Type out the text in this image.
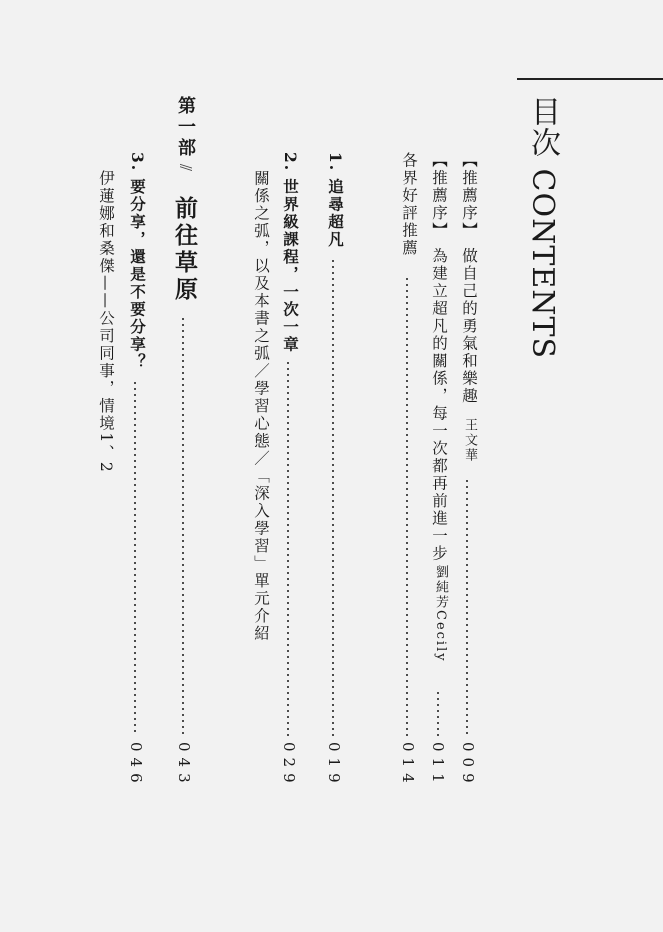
目次 CONTENTS
【推薦序】做自己的勇氣和樂趣
王文華
009
【推薦序】為建立超凡的關係，每一次都再前進一步
劉純芳Cecily
011
各界好評推薦
014
1.追尋超凡
019
2.世界級課程，一次一章
029
關係之弧，以及本書之弧／學習心態／「深入學習」單元介紹
第一部
⫽
前往草原
043
3.要分享，還是不要分享？
046
伊蓮娜和桑傑——公司同事，情境1、2
